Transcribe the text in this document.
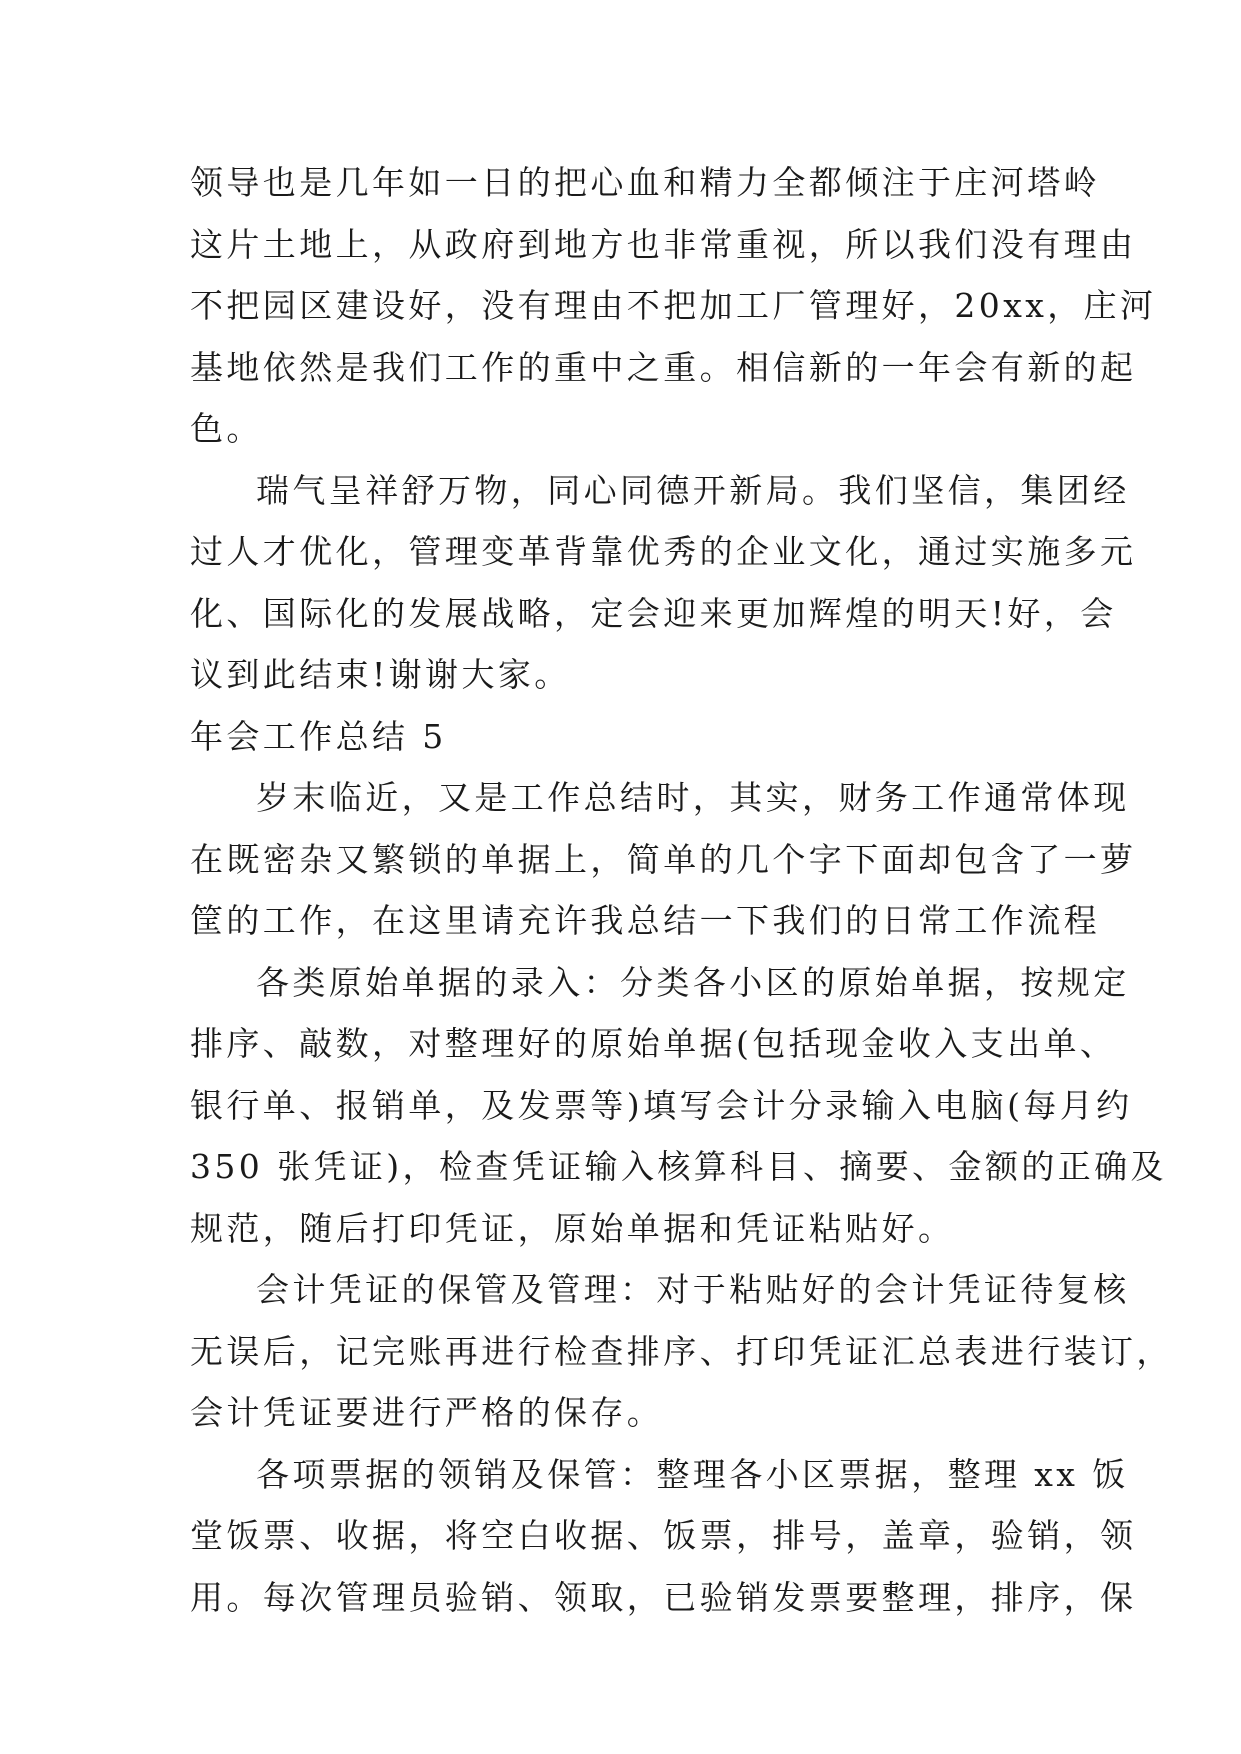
领导也是几年如一日的把心血和精力全都倾注于庄河塔岭
这片土地上，从政府到地方也非常重视，所以我们没有理由
不把园区建设好，没有理由不把加工厂管理好，20xx，庄河
基地依然是我们工作的重中之重。相信新的一年会有新的起
色。
瑞气呈祥舒万物，同心同德开新局。我们坚信，集团经
过人才优化，管理变革背靠优秀的企业文化，通过实施多元
化、国际化的发展战略，定会迎来更加辉煌的明天!好，会
议到此结束!谢谢大家。
年会工作总结 5
岁末临近，又是工作总结时，其实，财务工作通常体现
在既密杂又繁锁的单据上，简单的几个字下面却包含了一萝
筐的工作，在这里请充许我总结一下我们的日常工作流程
各类原始单据的录入：分类各小区的原始单据，按规定
排序、敲数，对整理好的原始单据(包括现金收入支出单、
银行单、报销单，及发票等)填写会计分录输入电脑(每月约
350 张凭证)，检查凭证输入核算科目、摘要、金额的正确及
规范，随后打印凭证，原始单据和凭证粘贴好。
会计凭证的保管及管理：对于粘贴好的会计凭证待复核
无误后，记完账再进行检查排序、打印凭证汇总表进行装订，
会计凭证要进行严格的保存。
各项票据的领销及保管：整理各小区票据，整理 xx 饭
堂饭票、收据，将空白收据、饭票，排号，盖章，验销，领
用。每次管理员验销、领取，已验销发票要整理，排序，保
